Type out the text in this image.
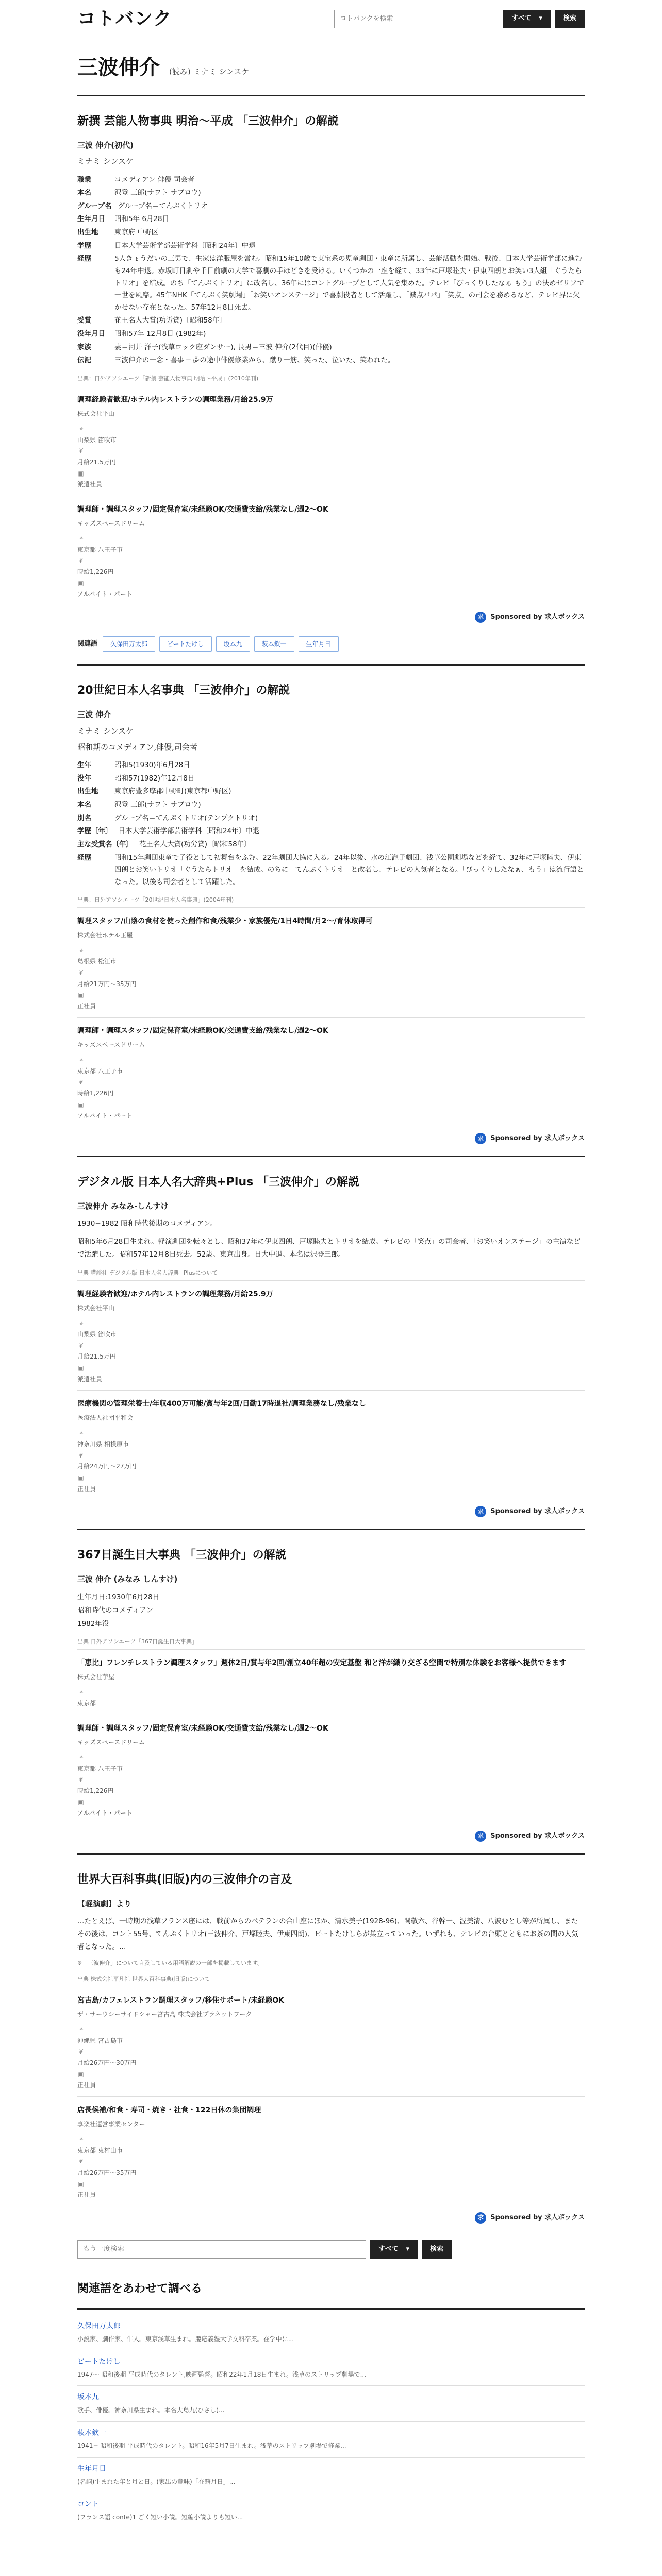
コトバンク
コトバンクを検索	すべて ▾	検索
三波伸介 (読み) ミナミ シンスケ
新撰 芸能人物事典 明治～平成 「三波伸介」の解説
三波 伸介(初代)
ミナミ シンスケ
職業	コメディアン 俳優 司会者
本名	沢登 三郎(サワト サブロウ)
グループ名 グループ名＝てんぷくトリオ
生年月日	昭和5年 6月28日
出生地	東京府 中野区
学歴	日本大学芸術学部芸術学科〔昭和24年〕中退
経歴	5人きょうだいの三男で、生家は洋服屋を営む。昭和15年10歳で東宝系の児童劇団・東童に所属し、芸能活動を開始。戦後、日本大学芸術学部に進むも24年中退。赤坂町日劇や千日前劇の大学で喜劇の手ほどきを受ける。いくつかの一座を経て、33年に戸塚睦夫・伊東四朗とお笑い3人組「ぐうたらトリオ」を結成。のち「てんぷくトリオ」に改名し、36年にはコントグループとして人気を集めた。テレビ「びっくりしたなぁ もう」の決めゼリフで一世を風靡。45年NHK「てんぷく笑劇場」「お笑いオンステージ」で喜劇役者として活躍し、「減点パパ」「笑点」の司会を務めるなど、テレビ界に欠かせない存在となった。57年12月8日死去。
受賞	花王名人大賞(功労賞)〔昭和58年〕
没年月日	昭和57年 12月8日 (1982年)
家族	妻＝河井 洋子(浅草ロック座ダンサー), 長男＝三波 伸介(2代目)(俳優)
伝記	三波伸介の一念・喜事 ─ 夢の途中俳優修業から、蹴り一筋、笑った、泣いた、笑われた。
出典：日外アソシエーツ「新撰 芸能人物事典 明治～平成」(2010年刊)
調理経験者歓迎/ホテル内レストランの調理業務/月給25.9万
株式会社平山
⌖
山梨県 笛吹市
¥
月給21.5万円
▣
派遣社員
調理師・調理スタッフ/固定保育室/未経験OK/交通費支給/残業なし/週2〜OK
キッズスペースドリーム
⌖
東京都 八王子市
¥
時給1,226円
▣
アルバイト・パート
求	Sponsored by 求人ボックス
関連語	久保田万太郎	ビートたけし	坂本九	萩本欽一	生年月日
20世紀日本人名事典 「三波伸介」の解説
三波 伸介
ミナミ シンスケ
昭和期のコメディアン,俳優,司会者
生年	昭和5(1930)年6月28日
没年	昭和57(1982)年12月8日
出生地	東京府豊多摩郡中野町(東京都中野区)
本名	沢登 三郎(サワト サブロウ)
別名	グループ名＝てんぷくトリオ(テンプクトリオ)
学歴〔年〕 日本大学芸術学部芸術学科〔昭和24年〕中退
主な受賞名〔年〕 花王名人大賞(功労賞)〔昭和58年〕
経歴	昭和15年劇団東童で子役として初舞台をふむ。22年劇団大協に入る。24年以後、水の江瀧子劇団、浅草公園劇場などを経て、32年に戸塚睦夫、伊東四朗とお笑いトリオ「ぐうたらトリオ」を結成。のちに「てんぷくトリオ」と改名し、テレビの人気者となる。「びっくりしたなぁ、もう」は流行語となった。以後も司会者として活躍した。
出典：日外アソシエーツ「20世紀日本人名事典」(2004年刊)
調理スタッフ/山陰の食材を使った創作和食/残業少・家族優先/1日4時間/月2〜/育休取得可
株式会社ホテル玉屋
⌖
島根県 松江市
¥
月給21万円〜35万円
▣
正社員
調理師・調理スタッフ/固定保育室/未経験OK/交通費支給/残業なし/週2〜OK
キッズスペースドリーム
⌖
東京都 八王子市
¥
時給1,226円
▣
アルバイト・パート
求	Sponsored by 求人ボックス
デジタル版 日本人名大辞典+Plus 「三波伸介」の解説
三波伸介 みなみ-しんすけ
1930−1982 昭和時代後期のコメディアン。
昭和5年6月28日生まれ。軽演劇団を転々とし、昭和37年に伊東四朗、戸塚睦夫とトリオを結成。テレビの「笑点」の司会者、「お笑いオンステージ」の主演などで活躍した。昭和57年12月8日死去。52歳。東京出身。日大中退。本名は沢登三郎。
出典 講談社 デジタル版 日本人名大辞典+Plusについて
調理経験者歓迎/ホテル内レストランの調理業務/月給25.9万
株式会社平山
⌖
山梨県 笛吹市
¥
月給21.5万円
▣
派遣社員
医療機関の管理栄養士/年収400万可能/賞与年2回/日勤17時退社/調理業務なし/残業なし
医療法人社団平和会
⌖
神奈川県 相模原市
¥
月給24万円〜27万円
▣
正社員
求	Sponsored by 求人ボックス
367日誕生日大事典 「三波伸介」の解説
三波 伸介 (みなみ しんすけ)
生年月日:1930年6月28日
昭和時代のコメディアン
1982年没
出典 日外アソシエーツ「367日誕生日大事典」
「恵比」フレンチレストラン調理スタッフ」週休2日/賞与年2回/創立40年超の安定基盤 和と洋が織り交ざる空間で特別な体験をお客様へ提供できます
株式会社芋屋
⌖
東京都
調理師・調理スタッフ/固定保育室/未経験OK/交通費支給/残業なし/週2〜OK
キッズスペースドリーム
⌖
東京都 八王子市
¥
時給1,226円
▣
アルバイト・パート
求	Sponsored by 求人ボックス
世界大百科事典(旧版)内の三波伸介の言及
【軽演劇】より
…たとえば、一時期の浅草フランス座には、戦前からのベテランの合山座にほか、清水美子(1928-96)、関敬六、谷幹一、渥美清、八波むとし等が所属し、またその後は、コント55号、てんぷくトリオ(三波伸介、戸塚睦夫、伊東四朗)、ビートたけしらが巣立っていった。いずれも、テレビの台頭とともにお茶の間の人気者となった。…
※「三波伸介」について言及している用語解説の一部を掲載しています。
出典 株式会社平凡社 世界大百科事典(旧版)について
宮古島/カフェレストラン調理スタッフ/移住サポート/未経験OK
ザ・サーウシーサイドシャー宮古島 株式会社プラネットワーク
⌖
沖縄県 宮古島市
¥
月給26万円〜30万円
▣
正社員
店長候補/和食・寿司・焼き・社食・122日休の集団調理
享楽社運営事業センター
⌖
東京都 東村山市
¥
月給26万円〜35万円
▣
正社員
求	Sponsored by 求人ボックス
もう一度検索
すべて ▾	検索
関連語をあわせて調べる
久保田万太郎
小説家、劇作家、俳人。東京浅草生まれ。慶応義塾大学文科卒業。在学中に...
ビートたけし
1947〜 昭和後期-平成時代のタレント,映画監督。昭和22年1月18日生まれ。浅草のストリップ劇場で...
坂本九
歌手、俳優。神奈川県生まれ。本名大島九(ひさし)...
萩本欽一
1941− 昭和後期-平成時代のタレント。昭和16年5月7日生まれ。浅草のストリップ劇場で修業...
生年月日
(名詞)生まれた年と月と日。(家出の意味)「在籍月日」...
コント
(フランス語 conte)1 ごく短い小説。短編小説よりも短い...
